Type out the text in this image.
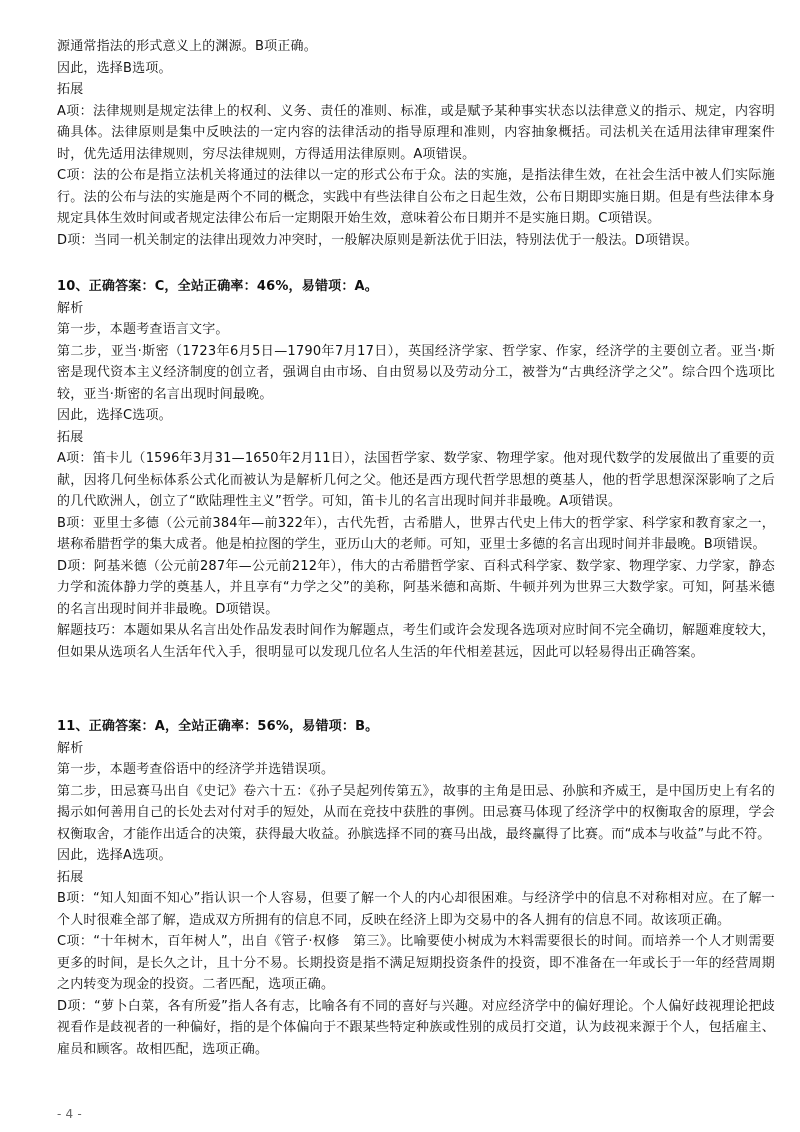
源通常指法的形式意义上的渊源。B项正确。

因此，选择B选项。

拓展

A项：法律规则是规定法律上的权利、义务、责任的准则、标准，或是赋予某种事实状态以法律意义的指示、规定，内容明确具体。法律原则是集中反映法的一定内容的法律活动的指导原理和准则，内容抽象概括。司法机关在适用法律审理案件时，优先适用法律规则，穷尽法律规则，方得适用法律原则。A项错误。

C项：法的公布是指立法机关将通过的法律以一定的形式公布于众。法的实施，是指法律生效，在社会生活中被人们实际施行。法的公布与法的实施是两个不同的概念，实践中有些法律自公布之日起生效，公布日期即实施日期。但是有些法律本身规定具体生效时间或者规定法律公布后一定期限开始生效，意味着公布日期并不是实施日期。C项错误。

D项：当同一机关制定的法律出现效力冲突时，一般解决原则是新法优于旧法，特别法优于一般法。D项错误。

10、正确答案：C，全站正确率：46%，易错项：A。

解析

第一步，本题考查语言文字。

第二步，亚当·斯密（1723年6月5日—1790年7月17日），英国经济学家、哲学家、作家，经济学的主要创立者。亚当·斯密是现代资本主义经济制度的创立者，强调自由市场、自由贸易以及劳动分工，被誉为“古典经济学之父”。综合四个选项比较，亚当·斯密的名言出现时间最晚。

因此，选择C选项。

拓展

A项：笛卡儿（1596年3月31—1650年2月11日），法国哲学家、数学家、物理学家。他对现代数学的发展做出了重要的贡献，因将几何坐标体系公式化而被认为是解析几何之父。他还是西方现代哲学思想的奠基人，他的哲学思想深深影响了之后的几代欧洲人，创立了“欧陆理性主义”哲学。可知，笛卡儿的名言出现时间并非最晚。A项错误。

B项：亚里士多德（公元前384年—前322年），古代先哲，古希腊人，世界古代史上伟大的哲学家、科学家和教育家之一，堪称希腊哲学的集大成者。他是柏拉图的学生，亚历山大的老师。可知，亚里士多德的名言出现时间并非最晚。B项错误。

D项：阿基米德（公元前287年—公元前212年），伟大的古希腊哲学家、百科式科学家、数学家、物理学家、力学家，静态力学和流体静力学的奠基人，并且享有“力学之父”的美称，阿基米德和高斯、牛顿并列为世界三大数学家。可知，阿基米德的名言出现时间并非最晚。D项错误。

解题技巧：本题如果从名言出处作品发表时间作为解题点，考生们或许会发现各选项对应时间不完全确切，解题难度较大，但如果从选项名人生活年代入手，很明显可以发现几位名人生活的年代相差甚远，因此可以轻易得出正确答案。

11、正确答案：A，全站正确率：56%，易错项：B。

解析

第一步，本题考查俗语中的经济学并选错误项。

第二步，田忌赛马出自《史记》卷六十五：《孙子吴起列传第五》，故事的主角是田忌、孙膑和齐威王，是中国历史上有名的揭示如何善用自己的长处去对付对手的短处，从而在竞技中获胜的事例。田忌赛马体现了经济学中的权衡取舍的原理，学会权衡取舍，才能作出适合的决策，获得最大收益。孙膑选择不同的赛马出战，最终赢得了比赛。而“成本与收益”与此不符。

因此，选择A选项。

拓展

B项：“知人知面不知心”指认识一个人容易，但要了解一个人的内心却很困难。与经济学中的信息不对称相对应。在了解一个人时很难全部了解，造成双方所拥有的信息不同，反映在经济上即为交易中的各人拥有的信息不同。故该项正确。

C项：“十年树木，百年树人”，出自《管子·权修　第三》。比喻要使小树成为木料需要很长的时间。而培养一个人才则需要更多的时间，是长久之计，且十分不易。长期投资是指不满足短期投资条件的投资，即不准备在一年或长于一年的经营周期之内转变为现金的投资。二者匹配，选项正确。

D项：“萝卜白菜，各有所爱”指人各有志，比喻各有不同的喜好与兴趣。对应经济学中的偏好理论。个人偏好歧视理论把歧视看作是歧视者的一种偏好，指的是个体偏向于不跟某些特定种族或性别的成员打交道，认为歧视来源于个人，包括雇主、雇员和顾客。故相匹配，选项正确。

- 4 -
